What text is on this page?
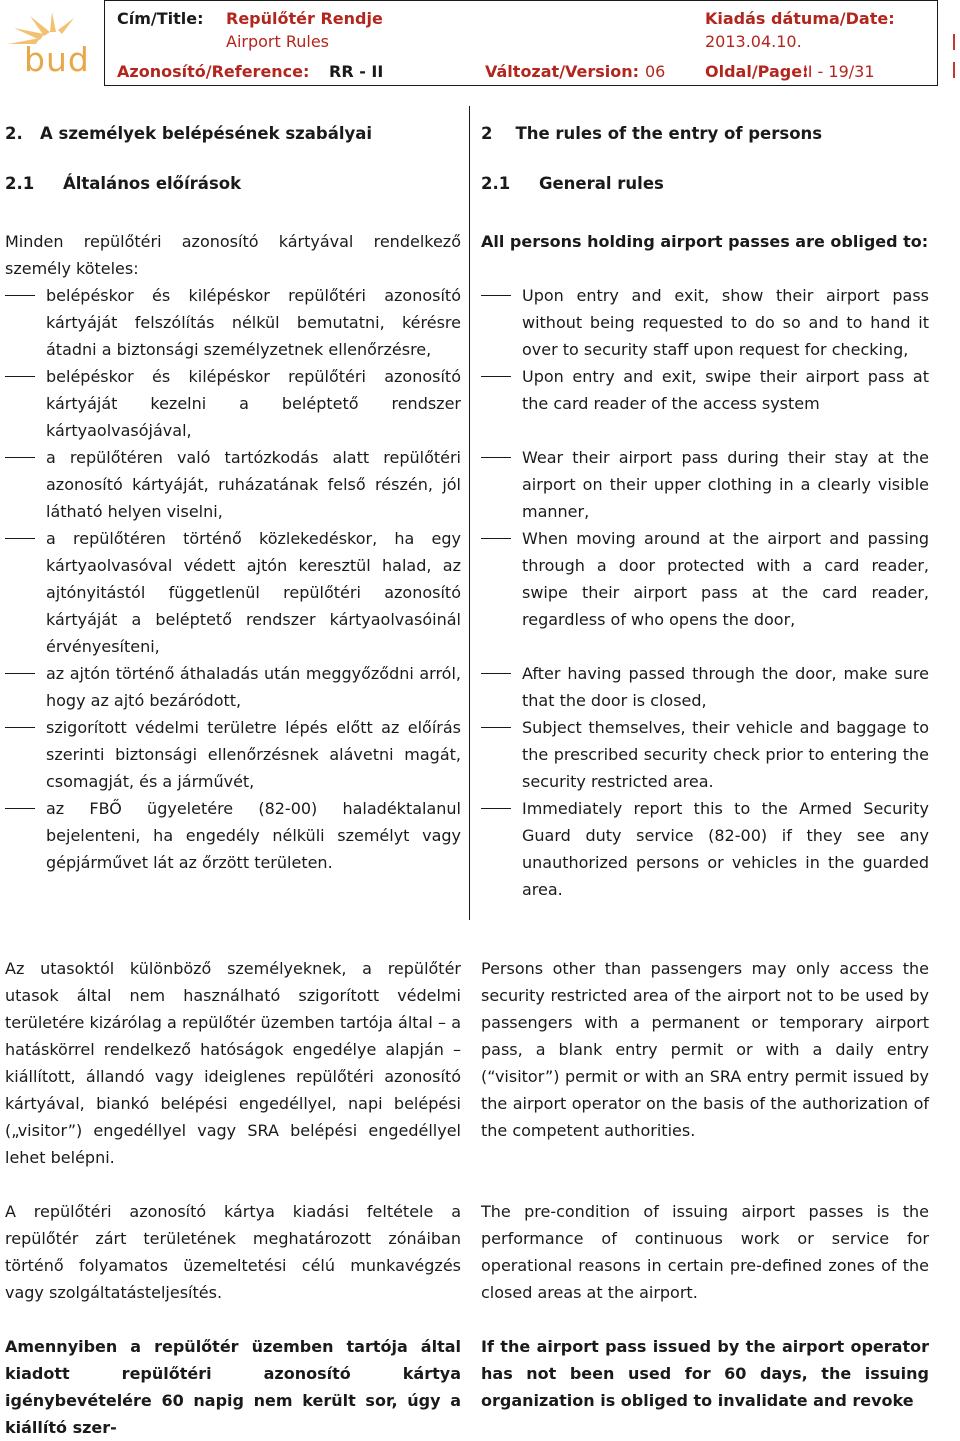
bud
Cím/Title: Repülőtér Rendje
Airport Rules
Kiadás dátuma/Date:
2013.04.10.
Azonosító/Reference: RR - II	Változat/Version: 06 Oldal/Page:
II - 19/31
2.   A személyek belépésének szabályai
2.1     Általános előírások

Minden repülőtéri azonosító kártyával rendelkező személy köteles:

belépéskor és kilépéskor repülőtéri azonosító kártyáját felszólítás nélkül bemutatni, kérésre átadni a biztonsági személyzetnek ellenőrzésre,
belépéskor és kilépéskor repülőtéri azonosító kártyáját kezelni a beléptető rendszer kártyaolvasójával,
a repülőtéren való tartózkodás alatt repülőtéri azonosító kártyáját, ruházatának felső részén, jól látható helyen viselni,
a repülőtéren történő közlekedéskor, ha egy kártyaolvasóval védett ajtón keresztül halad, az ajtónyitástól függetlenül repülőtéri azonosító kártyáját a beléptető rendszer kártyaolvasóinál érvényesíteni,
az ajtón történő áthaladás után meggyőződni arról, hogy az ajtó bezáródott,
szigorított védelmi területre lépés előtt az előírás szerinti biztonsági ellenőrzésnek alávetni magát, csomagját, és a járművét,
az FBŐ ügyeletére (82-00) haladéktalanul bejelenteni, ha engedély nélküli személyt vagy gépjárművet lát az őrzött területen.

Az utasoktól különböző személyeknek, a repülőtér utasok által nem használható szigorított védelmi területére kizárólag a repülőtér üzemben tartója által – a hatáskörrel rendelkező hatóságok engedélye alapján – kiállított, állandó vagy ideiglenes repülőtéri azonosító kártyával, biankó belépési engedéllyel, napi belépési („visitor”) engedéllyel vagy SRA belépési engedéllyel lehet belépni.

A repülőtéri azonosító kártya kiadási feltétele a repülőtér zárt területének meghatározott zónáiban történő folyamatos üzemeltetési célú munkavégzés vagy szolgáltatásteljesítés.

Amennyiben a repülőtér üzemben tartója által kiadott repülőtéri azonosító kártya igénybevételére 60 napig nem került sor, úgy a kiállító szer-

2    The rules of the entry of persons
2.1     General rules

All persons holding airport passes are obliged to:

Upon entry and exit, show their airport pass without being requested to do so and to hand it over to security staff upon request for checking,
Upon entry and exit, swipe their airport pass at the card reader of the access system
Wear their airport pass during their stay at the airport on their upper clothing in a clearly visible manner,
When moving around at the airport and passing through a door protected with a card reader, swipe their airport pass at the card reader, regardless of who opens the door,
After having passed through the door, make sure that the door is closed,
Subject themselves, their vehicle and baggage to the prescribed security check prior to entering the security restricted area.
Immediately report this to the Armed Security Guard duty service (82-00) if they see any unauthorized persons or vehicles in the guarded area.

Persons other than passengers may only access the security restricted area of the airport not to be used by passengers with a permanent or temporary airport pass, a blank entry permit or with a daily entry (“visitor”) permit or with an SRA entry permit issued by the airport operator on the basis of the authorization of the competent authorities.

The pre-condition of issuing airport passes is the performance of continuous work or service for operational reasons in certain pre-defined zones of the closed areas at the airport.

If the airport pass issued by the airport operator has not been used for 60 days, the issuing organization is obliged to invalidate and revoke
